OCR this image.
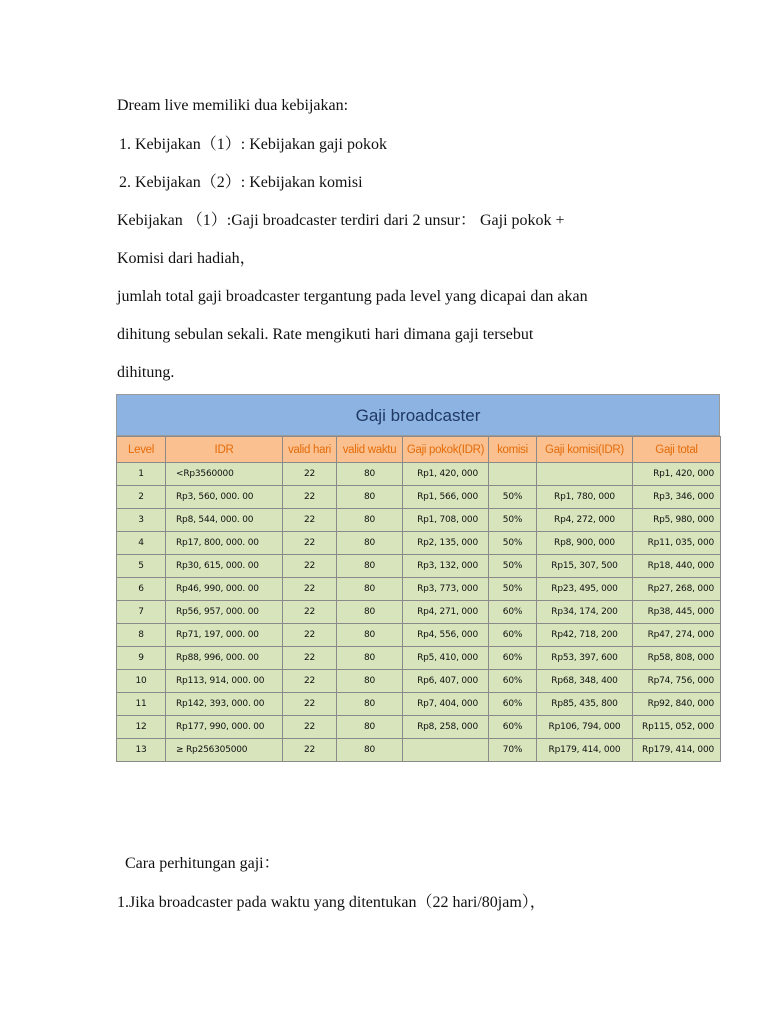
Dream live memiliki dua kebijakan:
1. Kebijakan（1）: Kebijakan gaji pokok
2. Kebijakan（2）: Kebijakan komisi
Kebijakan （1）:Gaji broadcaster terdiri dari 2 unsur： Gaji pokok +
Komisi dari hadiah，
jumlah total gaji broadcaster tergantung pada level yang dicapai dan akan
dihitung sebulan sekali. Rate mengikuti hari dimana gaji tersebut
dihitung.
Gaji broadcaster
Level	IDR	valid hari	valid waktu	Gaji pokok(IDR)	komisi	Gaji komisi(IDR)	Gaji total
1	<Rp3560000	22	80	Rp1, 420, 000			Rp1, 420, 000
2	Rp3, 560, 000. 00	22	80	Rp1, 566, 000	50%	Rp1, 780, 000	Rp3, 346, 000
3	Rp8, 544, 000. 00	22	80	Rp1, 708, 000	50%	Rp4, 272, 000	Rp5, 980, 000
4	Rp17, 800, 000. 00	22	80	Rp2, 135, 000	50%	Rp8, 900, 000	Rp11, 035, 000
5	Rp30, 615, 000. 00	22	80	Rp3, 132, 000	50%	Rp15, 307, 500	Rp18, 440, 000
6	Rp46, 990, 000. 00	22	80	Rp3, 773, 000	50%	Rp23, 495, 000	Rp27, 268, 000
7	Rp56, 957, 000. 00	22	80	Rp4, 271, 000	60%	Rp34, 174, 200	Rp38, 445, 000
8	Rp71, 197, 000. 00	22	80	Rp4, 556, 000	60%	Rp42, 718, 200	Rp47, 274, 000
9	Rp88, 996, 000. 00	22	80	Rp5, 410, 000	60%	Rp53, 397, 600	Rp58, 808, 000
10	Rp113, 914, 000. 00	22	80	Rp6, 407, 000	60%	Rp68, 348, 400	Rp74, 756, 000
11	Rp142, 393, 000. 00	22	80	Rp7, 404, 000	60%	Rp85, 435, 800	Rp92, 840, 000
12	Rp177, 990, 000. 00	22	80	Rp8, 258, 000	60%	Rp106, 794, 000	Rp115, 052, 000
13	≥ Rp256305000	22	80		70%	Rp179, 414, 000	Rp179, 414, 000
Cara perhitungan gaji：
1.Jika broadcaster pada waktu yang ditentukan（22 hari/80jam），
